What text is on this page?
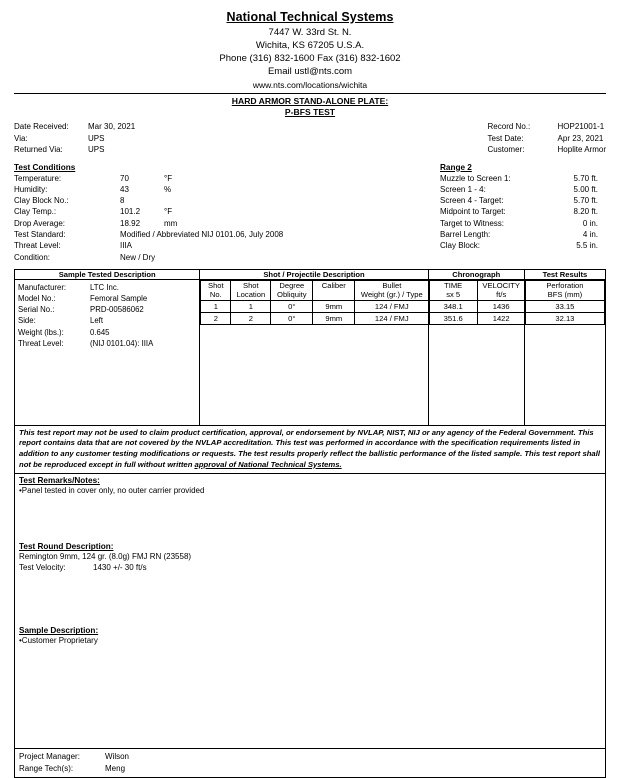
National Technical Systems
7447 W. 33rd St. N.
Wichita, KS 67205 U.S.A.
Phone (316) 832-1600 Fax (316) 832-1602
Email ustl@nts.com
www.nts.com/locations/wichita
HARD ARMOR STAND-ALONE PLATE:
P-BFS TEST
Date Received:	Mar 30, 2021
Via:	UPS
Returned Via:	UPS
Record No.:	HOP21001-1
Test Date:	Apr 23, 2021
Customer:	Hoplite Armor
Test Conditions
Temperature:	70	°F
Humidity:	43	%
Clay Block No.:	8
Clay Temp.:	101.2	°F
Drop Average:	18.92	mm
Test Standard:	Modified / Abbreviated NIJ 0101.06, July 2008
Threat Level:	IIIA
Condition:	New / Dry
Range 2
Muzzle to Screen 1:	5.70 ft.
Screen 1 - 4:	5.00 ft.
Screen 4 - Target:	5.70 ft.
Midpoint to Target:	8.20 ft.
Target to Witness:	0 in.
Barrel Length:	4 in.
Clay Block:	5.5 in.
Sample Tested Description	Shot / Projectile Description	Chronograph	Test Results

Manufacturer:	LTC Inc.
Model No.:	Femoral Sample
Serial No.:	PRD-00586062
Side:	Left
Weight (lbs.):	0.645
Threat Level:	(NIJ 0101.04): IIIA

Shot
No.

Shot
Location

Degree
Obliquity

Caliber	Bullet
Weight (gr.) / Type

1	1	0°	9mm	124 / FMJ
2	2	0°	9mm	124 / FMJ

TIME
sx 5

VELOCITY
ft/s

348.1	1436
351.6	1422

Perforation
BFS (mm)

33.15
32.13
This test report may not be used to claim product certification, approval, or endorsement by NVLAP, NIST, NIJ or any agency of the Federal Government. This report contains data that are not covered by the NVLAP accreditation. This test was performed in accordance with the specification requirements listed in addition to any customer testing modifications or requests. The test results properly reflect the ballistic performance of the listed sample. This test report shall not be reproduced except in full without written approval of National Technical Systems.
Test Remarks/Notes:
•Panel tested in cover only, no outer carrier provided
Test Round Description:
Remington 9mm, 124 gr. (8.0g) FMJ RN (23558)
Test Velocity:	1430 +/- 30 ft/s
Sample Description:
•Customer Proprietary
Project Manager:	Wilson
Range Tech(s):	Meng
